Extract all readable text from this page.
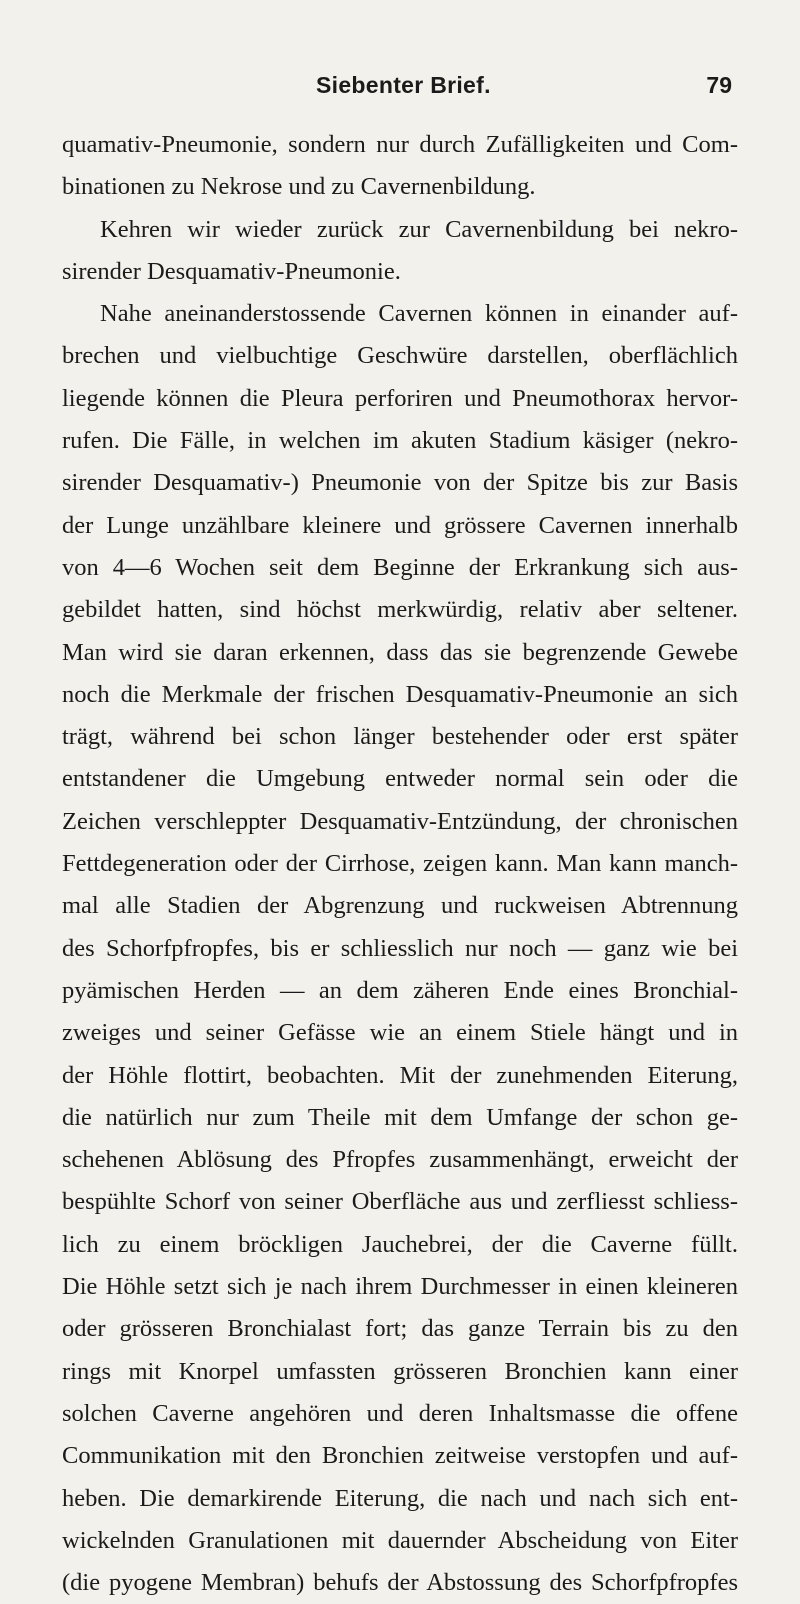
Siebenter Brief.	79
quamativ-Pneumonie, sondern nur durch Zufälligkeiten und Com-
binationen zu Nekrose und zu Cavernenbildung.
Kehren wir wieder zurück zur Cavernenbildung bei nekro-
sirender Desquamativ-Pneumonie.
Nahe aneinanderstossende Cavernen können in einander auf-
brechen und vielbuchtige Geschwüre darstellen, oberflächlich
liegende können die Pleura perforiren und Pneumothorax hervor-
rufen. Die Fälle, in welchen im akuten Stadium käsiger (nekro-
sirender Desquamativ-) Pneumonie von der Spitze bis zur Basis
der Lunge unzählbare kleinere und grössere Cavernen innerhalb
von 4—6 Wochen seit dem Beginne der Erkrankung sich aus-
gebildet hatten, sind höchst merkwürdig, relativ aber seltener.
Man wird sie daran erkennen, dass das sie begrenzende Gewebe
noch die Merkmale der frischen Desquamativ-Pneumonie an sich
trägt, während bei schon länger bestehender oder erst später
entstandener die Umgebung entweder normal sein oder die
Zeichen verschleppter Desquamativ-Entzündung, der chronischen
Fettdegeneration oder der Cirrhose, zeigen kann. Man kann manch-
mal alle Stadien der Abgrenzung und ruckweisen Abtrennung
des Schorfpfropfes, bis er schliesslich nur noch — ganz wie bei
pyämischen Herden — an dem zäheren Ende eines Bronchial-
zweiges und seiner Gefässe wie an einem Stiele hängt und in
der Höhle flottirt, beobachten. Mit der zunehmenden Eiterung,
die natürlich nur zum Theile mit dem Umfange der schon ge-
schehenen Ablösung des Pfropfes zusammenhängt, erweicht der
bespühlte Schorf von seiner Oberfläche aus und zerfliesst schliess-
lich zu einem bröckligen Jauchebrei, der die Caverne füllt.
Die Höhle setzt sich je nach ihrem Durchmesser in einen kleineren
oder grösseren Bronchialast fort; das ganze Terrain bis zu den
rings mit Knorpel umfassten grösseren Bronchien kann einer
solchen Caverne angehören und deren Inhaltsmasse die offene
Communikation mit den Bronchien zeitweise verstopfen und auf-
heben. Die demarkirende Eiterung, die nach und nach sich ent-
wickelnden Granulationen mit dauernder Abscheidung von Eiter
(die pyogene Membran) behufs der Abstossung des Schorfpfropfes
